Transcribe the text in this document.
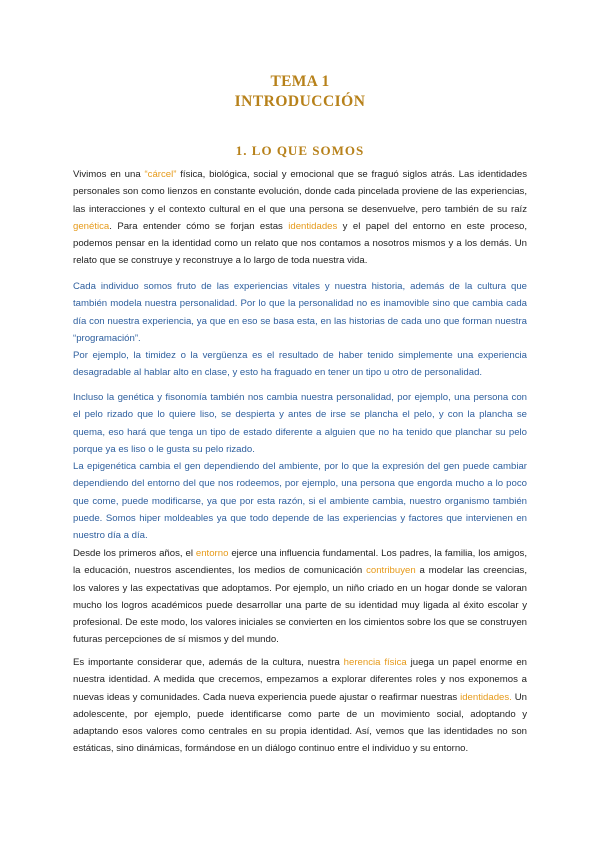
TEMA 1
INTRODUCCIÓN
1. LO QUE SOMOS

Vivimos en una “cárcel” física, biológica, social y emocional que se fraguó siglos atrás. Las identidades personales son como lienzos en constante evolución, donde cada pincelada proviene de las experiencias, las interacciones y el contexto cultural en el que una persona se desenvuelve, pero también de su raíz genética. Para entender cómo se forjan estas identidades y el papel del entorno en este proceso, podemos pensar en la identidad como un relato que nos contamos a nosotros mismos y a los demás. Un relato que se construye y reconstruye a lo largo de toda nuestra vida.

Cada individuo somos fruto de las experiencias vitales y nuestra historia, además de la cultura que también modela nuestra personalidad. Por lo que la personalidad no es inamovible sino que cambia cada día con nuestra experiencia, ya que en eso se basa esta, en las historias de cada uno que forman nuestra “programación”.
Por ejemplo, la timidez o la vergüenza es el resultado de haber tenido simplemente una experiencia desagradable al hablar alto en clase, y esto ha fraguado en tener un tipo u otro de personalidad.

Incluso la genética y fisonomía también nos cambia nuestra personalidad, por ejemplo, una persona con el pelo rizado que lo quiere liso, se despierta y antes de irse se plancha el pelo, y con la plancha se quema, eso hará que tenga un tipo de estado diferente a alguien que no ha tenido que planchar su pelo porque ya es liso o le gusta su pelo rizado.
La epigenética cambia el gen dependiendo del ambiente, por lo que la expresión del gen puede cambiar dependiendo del entorno del que nos rodeemos, por ejemplo, una persona que engorda mucho a lo poco que come, puede modificarse, ya que por esta razón, si el ambiente cambia, nuestro organismo también puede. Somos hiper moldeables ya que todo depende de las experiencias y factores que intervienen en nuestro día a día.

Desde los primeros años, el entorno ejerce una influencia fundamental. Los padres, la familia, los amigos, la educación, nuestros ascendientes, los medios de comunicación contribuyen a modelar las creencias, los valores y las expectativas que adoptamos. Por ejemplo, un niño criado en un hogar donde se valoran mucho los logros académicos puede desarrollar una parte de su identidad muy ligada al éxito escolar y profesional. De este modo, los valores iniciales se convierten en los cimientos sobre los que se construyen futuras percepciones de sí mismos y del mundo.

Es importante considerar que, además de la cultura, nuestra herencia física juega un papel enorme en nuestra identidad. A medida que crecemos, empezamos a explorar diferentes roles y nos exponemos a nuevas ideas y comunidades. Cada nueva experiencia puede ajustar o reafirmar nuestras identidades. Un adolescente, por ejemplo, puede identificarse como parte de un movimiento social, adoptando y adaptando esos valores como centrales en su propia identidad. Así, vemos que las identidades no son estáticas, sino dinámicas, formándose en un diálogo continuo entre el individuo y su entorno.
